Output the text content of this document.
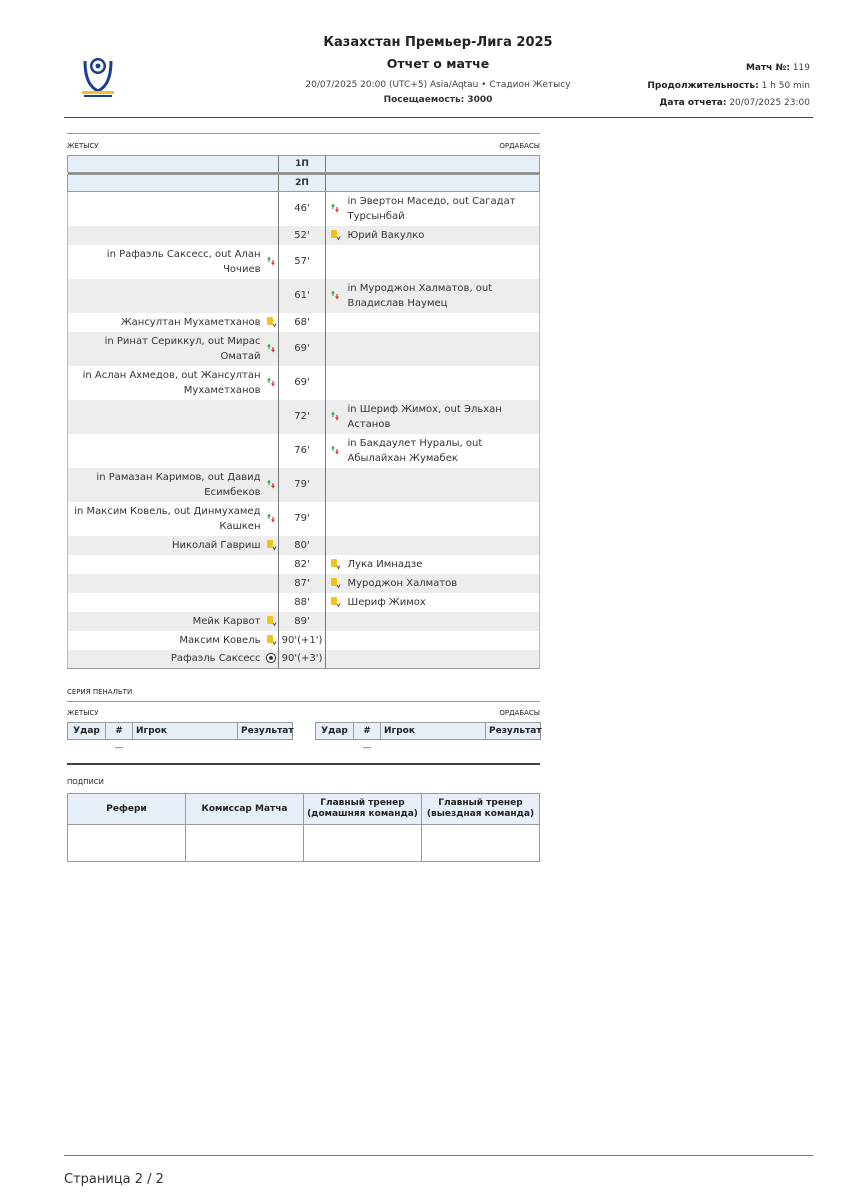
Казахстан Премьер-Лига 2025
Отчет о матче
20/07/2025 20:00 (UTC+5) Asia/Aqtau • Стадион Жетысу
Посещаемость: 3000
Матч №: 119
Продолжительность: 1 h 50 min
Дата отчета: 20/07/2025 23:00
ЖЕТЫСУ	ОРДАБАСЫ
		1П		

		2П		
		46'		in Эвертон Маседо, out Сагадат Турсынбай
		52'		Юрий Вакулко
in Рафаэль Саксесс, out Алан Чочиев		57'		
		61'		in Муроджон Халматов, out Владислав Наумец
Жансултан Мухаметханов		68'		
in Ринат Сериккул, out Мирас Оматай		69'		
in Аслан Ахмедов, out Жансултан Мухаметханов		69'		
		72'		in Шериф Жимох, out Эльхан Астанов
		76'		in Бакдаулет Нуралы, out Абылайхан Жумабек
in Рамазан Каримов, out Давид Есимбеков		79'		
in Максим Ковель, out Динмухамед Кашкен		79'		
Николай Гавриш		80'		
		82'		Лука Имнадзе
		87'		Муроджон Халматов
		88'		Шериф Жимох
Мейк Карвот		89'		
Максим Ковель		90'(+1')		
Рафаэль Саксесс		90'(+3')		
СЕРИЯ ПЕНАЛЬТИ
ЖЕТЫСУ	ОРДАБАСЫ
Удар	#	Игрок	Результат
	—		
Удар	#	Игрок	Результат
	—		
ПОДПИСИ
Рефери	Комиссар Матча	Главный тренер (домашняя команда)	Главный тренер (выездная команда)

Страница 2 / 2
